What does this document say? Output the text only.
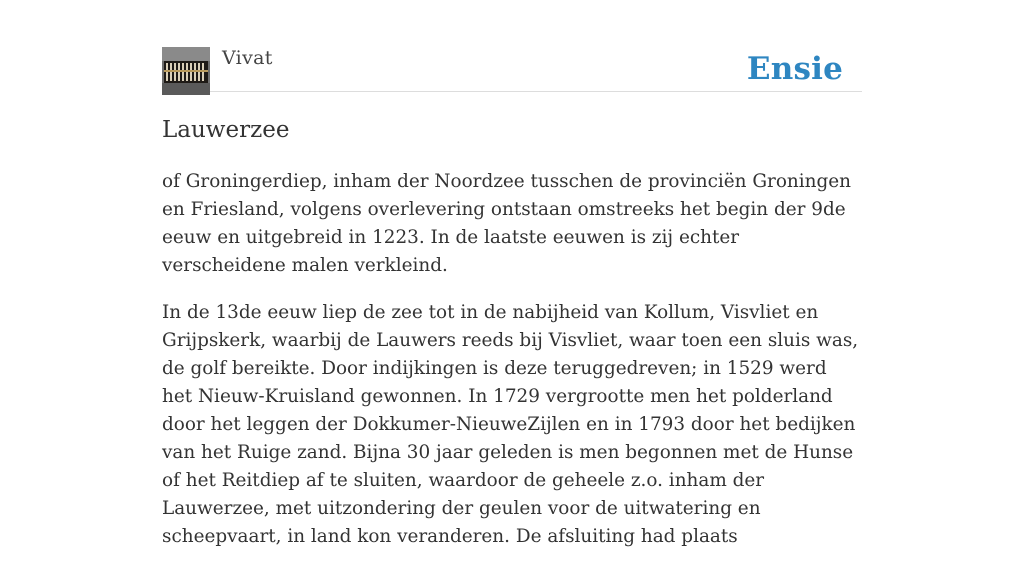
Vivat	Ensie
Lauwerzee

of Groningerdiep, inham der Noordzee tusschen de provinciën Groningen en Friesland, volgens overlevering ontstaan omstreeks het begin der 9de eeuw en uitgebreid in 1223. In de laatste eeuwen is zij echter verscheidene malen verkleind.

In de 13de eeuw liep de zee tot in de nabijheid van Kollum, Visvliet en Grijpskerk, waarbij de Lauwers reeds bij Visvliet, waar toen een sluis was, de golf bereikte. Door indijkingen is deze teruggedreven; in 1529 werd het Nieuw-Kruisland gewonnen. In 1729 vergrootte men het polderland door het leggen der Dokkumer-NieuweZijlen en in 1793 door het bedijken van het Ruige zand. Bijna 30 jaar geleden is men begonnen met de Hunse of het Reitdiep af te sluiten, waardoor de geheele z.o. inham der Lauwerzee, met uitzondering der geulen voor de uitwatering en scheepvaart, in land kon veranderen. De afsluiting had plaats
